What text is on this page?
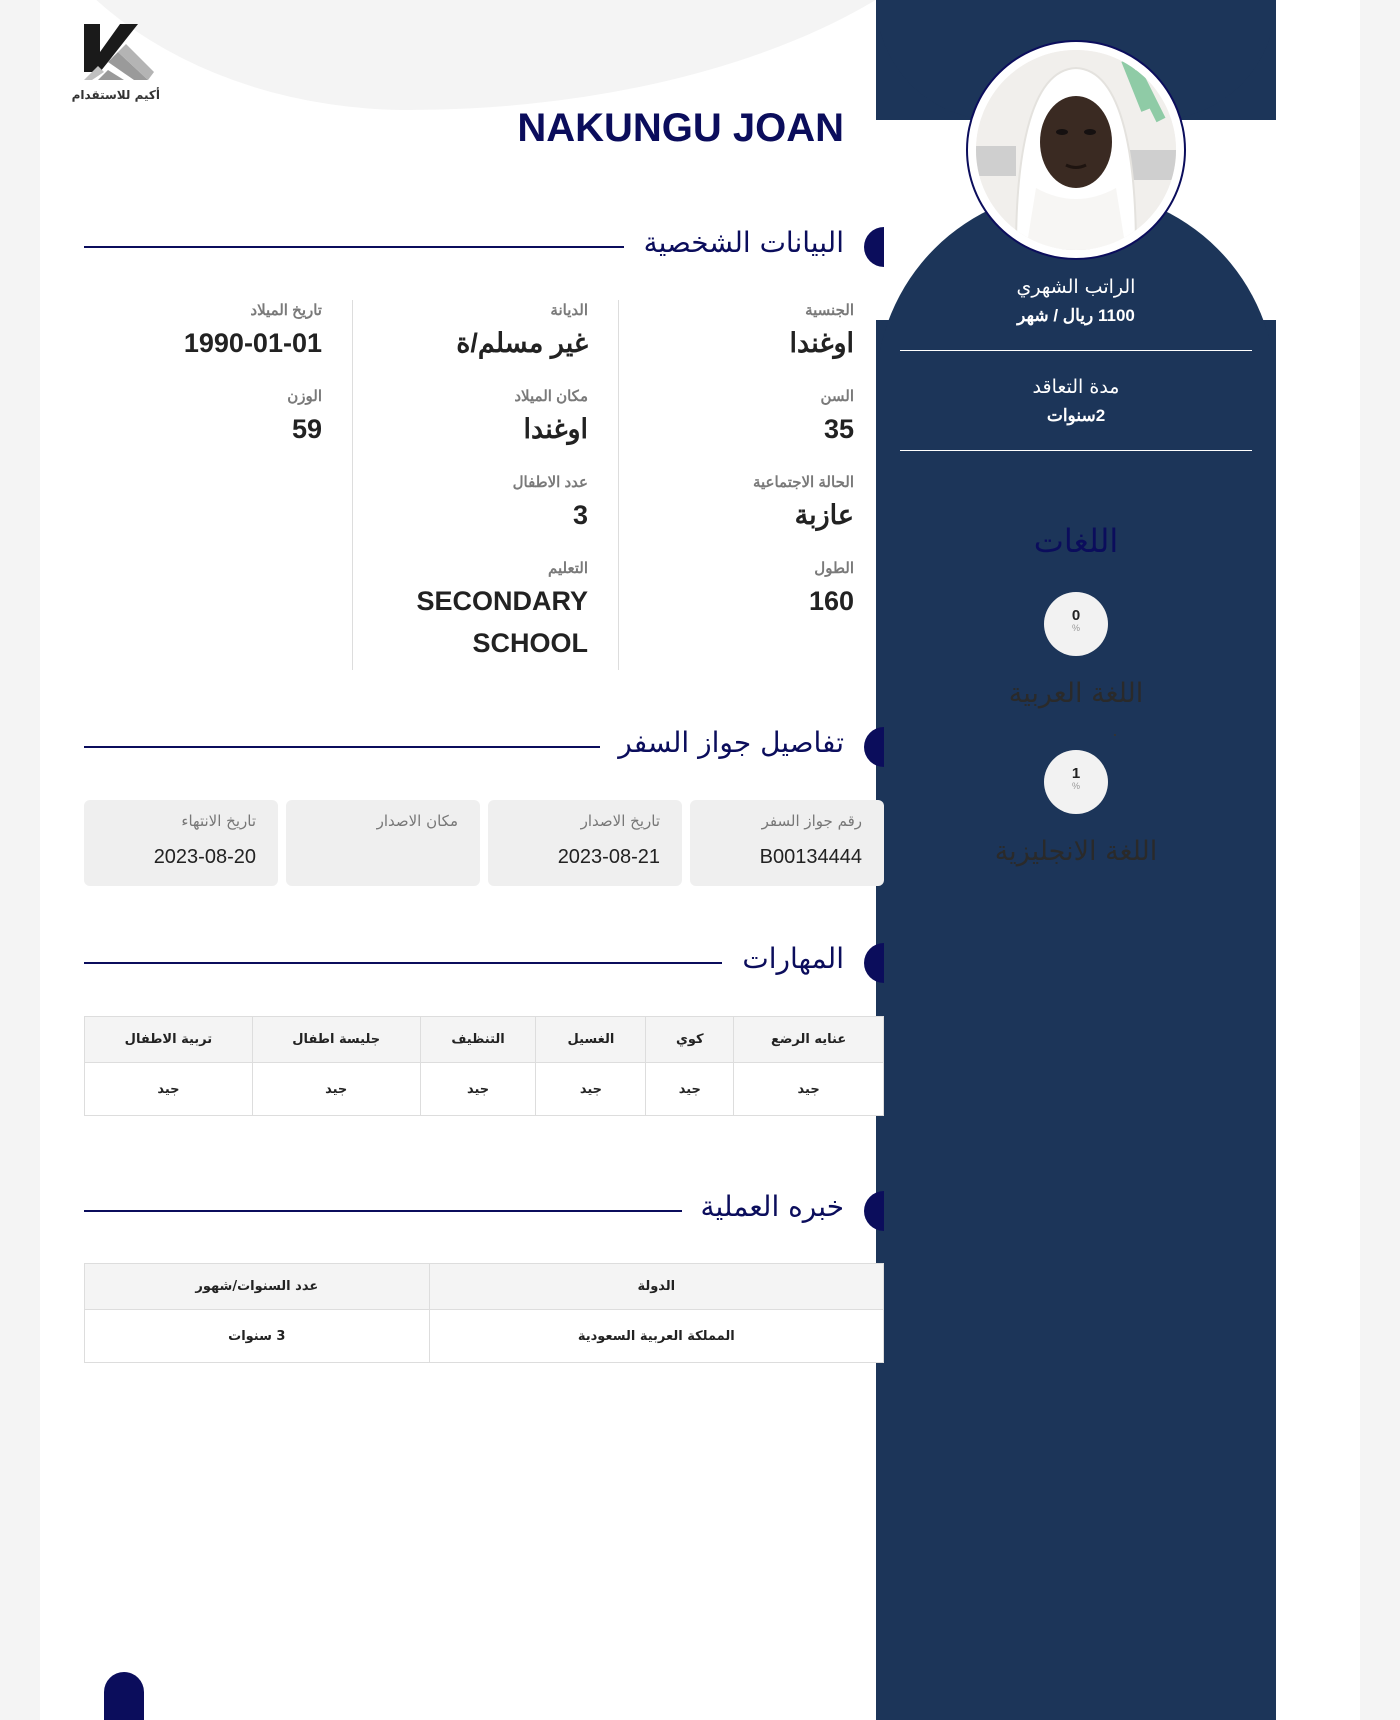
أكيم للاستقدام
NAKUNGU JOAN
الراتب الشهري
1100 ريال / شهر
مدة التعاقد
2سنوات
اللغات
0
%
اللغة العربية
1
%
اللغة الانجليزية
البيانات الشخصية
الجنسية
اوغندا
السن
35
الحالة الاجتماعية
عازبة
الطول
160
الديانة
غير مسلم/ة
مكان الميلاد
اوغندا
عدد الاطفال
3
التعليم
SECONDARY SCHOOL
تاريخ الميلاد
1990-01-01
الوزن
59
تفاصيل جواز السفر
رقم جواز السفر
B00134444
تاريخ الاصدار
2023-08-21
مكان الاصدار
تاريخ الانتهاء
2023-08-20
المهارات
عنايه الرضع	كوي	الغسيل	التنظيف	جليسة اطفال	تربية الاطفال
جيد	جيد	جيد	جيد	جيد	جيد
خبره العملية
الدولة	عدد السنوات/شهور
المملكة العربية السعودية	3 سنوات
